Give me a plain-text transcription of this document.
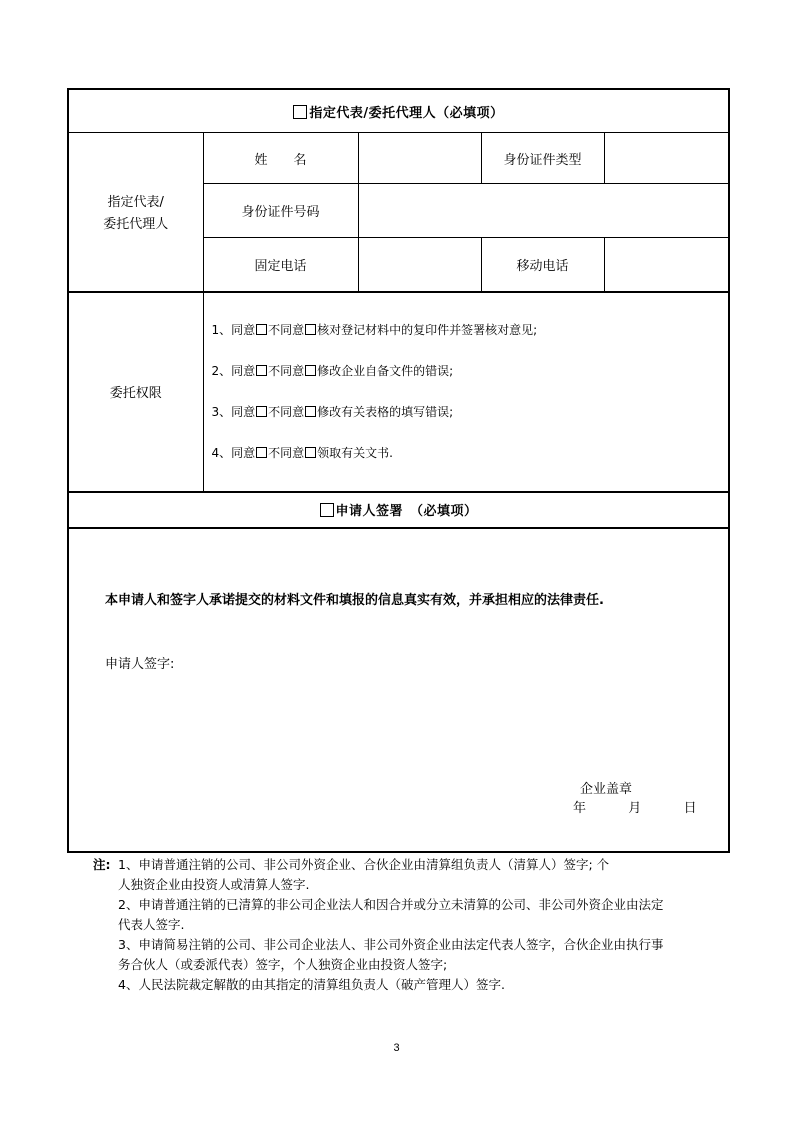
指定代表/委托代理人（必填项）				

指定代表/
委托代理人	姓　　名		身份证件类型	
	身份证件号码			
	固定电话		移动电话	
委托权限	1、同意 不同意 核对登记材料中的复印件并签署核对意见;
2、同意 不同意 修改企业自备文件的错误;
3、同意 不同意 修改有关表格的填写错误;
4、同意 不同意 领取有关文书.			

申请人签署　（必填项）				

本申请人和签字人承诺提交的材料文件和填报的信息真实有效，并承担相应的法律责任.
申请人签字:
企业盖章
年 月 日				
注: 1、申请普通注销的公司、非公司外资企业、合伙企业由清算组负责人（清算人）签字; 个
人独资企业由投资人或清算人签字.
2、申请普通注销的已清算的非公司企业法人和因合并或分立未清算的公司、非公司外资企业由法定
代表人签字.
3、申请简易注销的公司、非公司企业法人、非公司外资企业由法定代表人签字，合伙企业由执行事
务合伙人（或委派代表）签字，个人独资企业由投资人签字;
4、人民法院裁定解散的由其指定的清算组负责人（破产管理人）签字.
3
